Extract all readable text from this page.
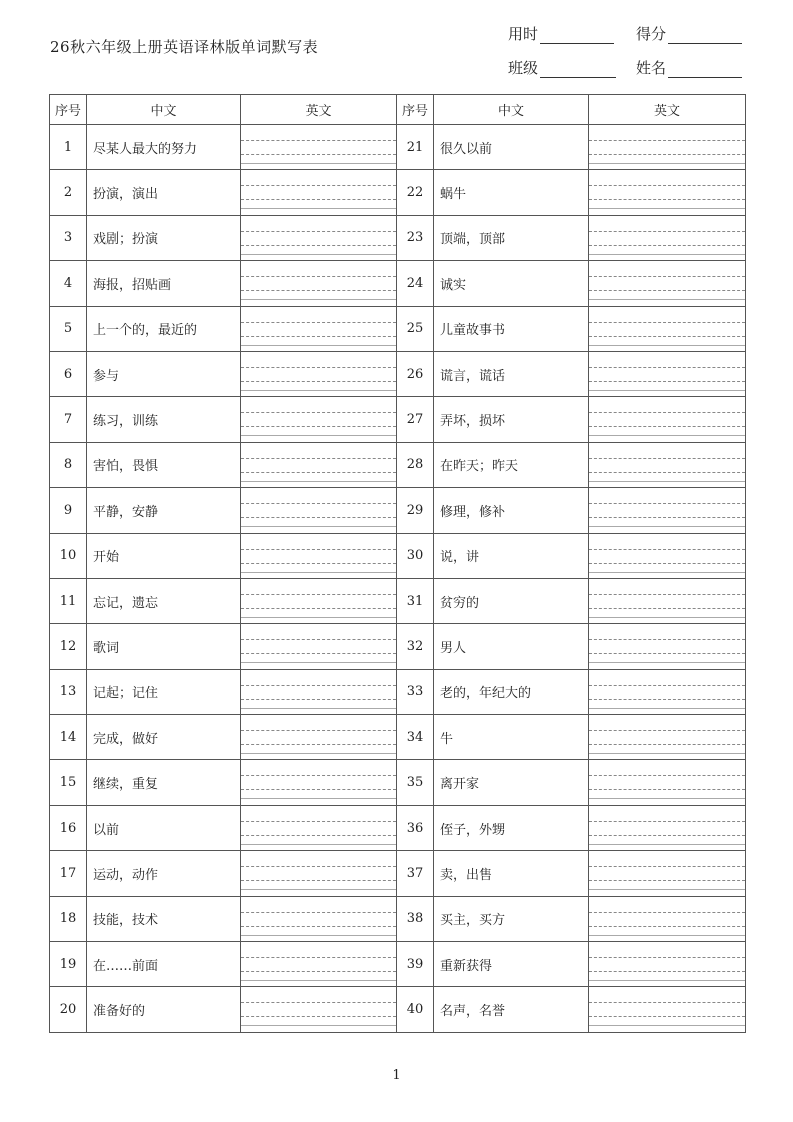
26秋六年级上册英语译林版单词默写表
用时	得分
班级	姓名
序号	中文	英文	序号	中文	英文
1	尽某人最大的努力		21	很久以前	

2	扮演，演出		22	蜗牛	

3	戏剧；扮演		23	顶端，顶部	

4	海报，招贴画		24	诚实	

5	上一个的，最近的		25	儿童故事书	

6	参与		26	谎言，谎话	

7	练习，训练		27	弄坏，损坏	

8	害怕，畏惧		28	在昨天；昨天	

9	平静，安静		29	修理，修补	

10	开始		30	说，讲	

11	忘记，遗忘		31	贫穷的	

12	歌词		32	男人	

13	记起；记住		33	老的，年纪大的	

14	完成，做好		34	牛	

15	继续，重复		35	离开家	

16	以前		36	侄子，外甥	

17	运动，动作		37	卖，出售	

18	技能，技术		38	买主，买方	

19	在……前面		39	重新获得	

20	准备好的		40	名声，名誉	
1
